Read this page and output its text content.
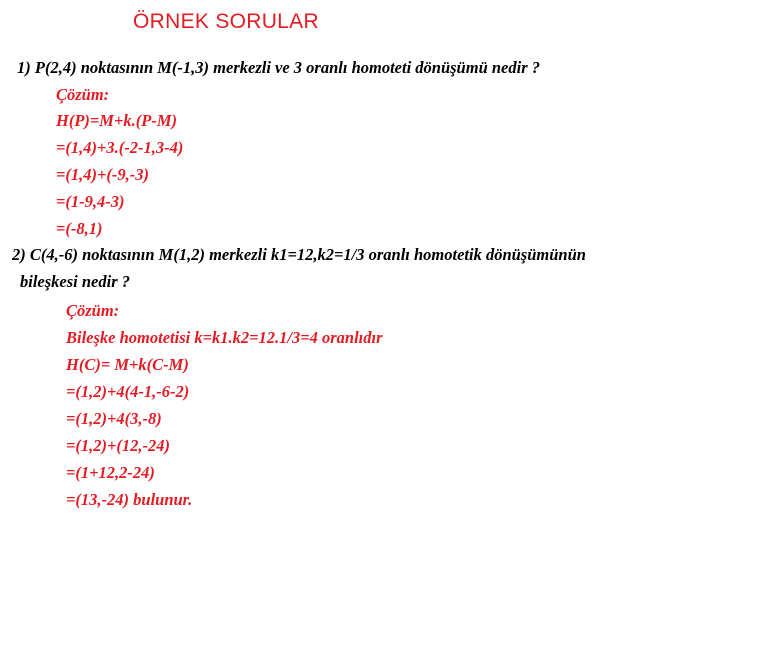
ÖRNEK SORULAR
1) P(2,4) noktasının M(-1,3) merkezli ve 3 oranlı homoteti dönüşümü nedir ?
Çözüm:
H(P)=M+k.(P-M)
=(1,4)+3.(-2-1,3-4)
=(1,4)+(-9,-3)
=(1-9,4-3)
=(-8,1)
2) C(4,-6) noktasının M(1,2) merkezli k1=12,k2=1/3 oranlı homotetik dönüşümünün
bileşkesi nedir ?
Çözüm:
Bileşke homotetisi k=k1.k2=12.1/3=4 oranlıdır
H(C)= M+k(C-M)
=(1,2)+4(4-1,-6-2)
=(1,2)+4(3,-8)
=(1,2)+(12,-24)
=(1+12,2-24)
=(13,-24) bulunur.
